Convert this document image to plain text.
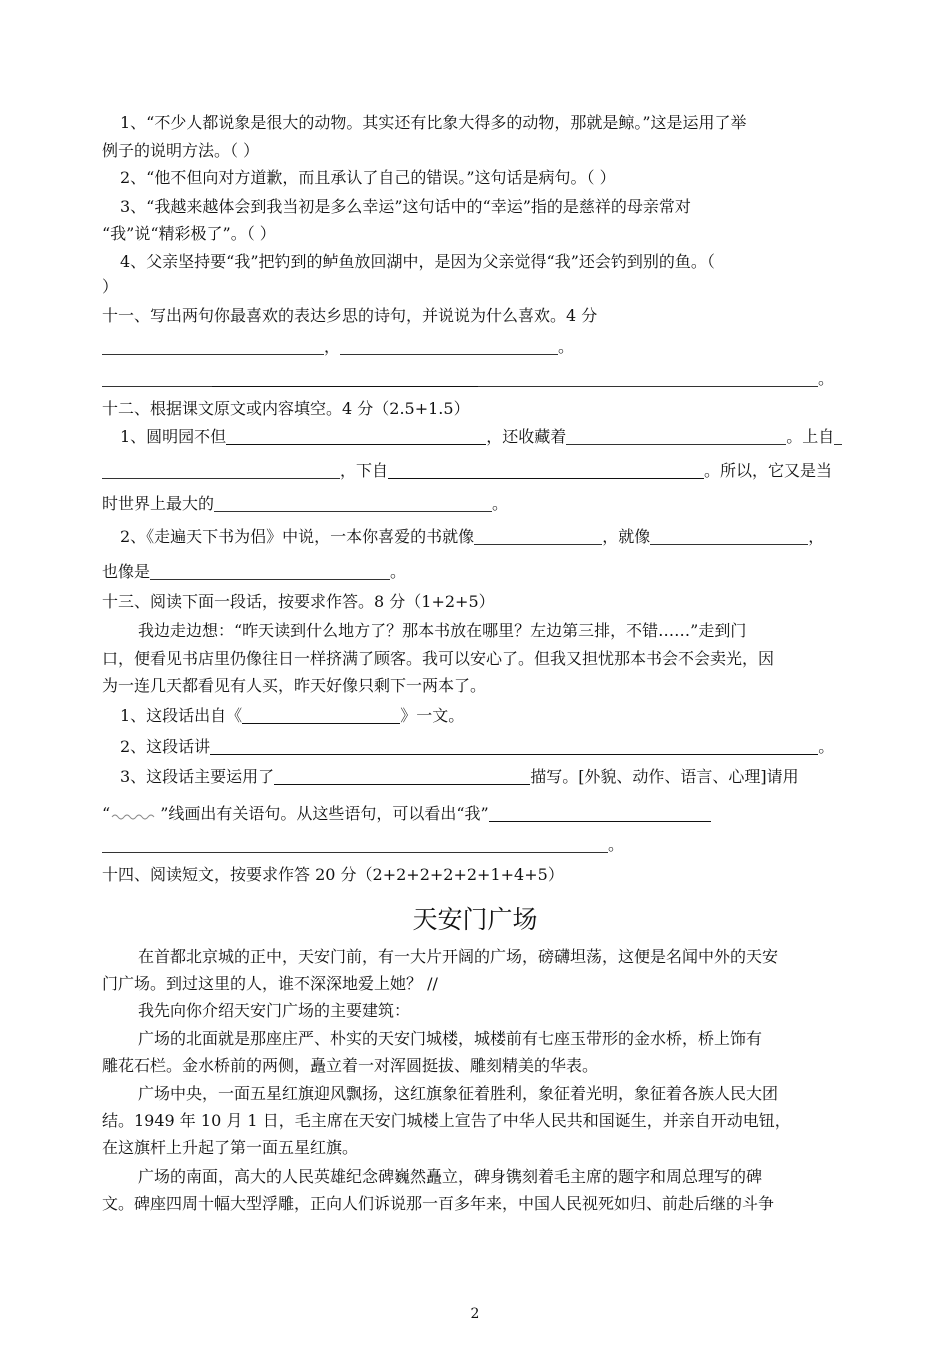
1、“不少人都说象是很大的动物。其实还有比象大得多的动物，那就是鲸。”这是运用了举
例子的说明方法。（ ）
2、“他不但向对方道歉，而且承认了自己的错误。”这句话是病句。（ ）
3、“我越来越体会到我当初是多么幸运”这句话中的“幸运”指的是慈祥的母亲常对
“我”说“精彩极了”。（ ）
4、父亲坚持要“我”把钓到的鲈鱼放回湖中，是因为父亲觉得“我”还会钓到别的鱼。（
）
十一、写出两句你最喜欢的表达乡思的诗句，并说说为什么喜欢。4 分
，	。
。
十二、根据课文原文或内容填空。4 分（2.5+1.5）
1、圆明园不但	，还收藏着	。上自
，下自	。所以，它又是当
时世界上最大的	。
2、《走遍天下书为侣》中说，一本你喜爱的书就像	，就像	，
也像是	。
十三、阅读下面一段话，按要求作答。8 分（1+2+5）
我边走边想：“昨天读到什么地方了？那本书放在哪里？左边第三排，不错……”走到门
口，便看见书店里仍像往日一样挤满了顾客。我可以安心了。但我又担忧那本书会不会卖光，因
为一连几天都看见有人买，昨天好像只剩下一两本了。
1、这段话出自《	》一文。
2、这段话讲	。
3、这段话主要运用了	描写。[外貌、动作、语言、心理]请用
“	”线画出有关语句。从这些语句，可以看出“我”
。
十四、阅读短文，按要求作答 20 分（2+2+2+2+2+1+4+5）
天安门广场
在首都北京城的正中，天安门前，有一大片开阔的广场，磅礴坦荡，这便是名闻中外的天安
门广场。到过这里的人，谁不深深地爱上她？ //
我先向你介绍天安门广场的主要建筑：
广场的北面就是那座庄严、朴实的天安门城楼，城楼前有七座玉带形的金水桥，桥上饰有
雕花石栏。金水桥前的两侧，矗立着一对浑圆挺拔、雕刻精美的华表。
广场中央，一面五星红旗迎风飘扬，这红旗象征着胜利，象征着光明，象征着各族人民大团
结。1949 年 10 月 1 日，毛主席在天安门城楼上宣告了中华人民共和国诞生，并亲自开动电钮，
在这旗杆上升起了第一面五星红旗。
广场的南面，高大的人民英雄纪念碑巍然矗立，碑身镌刻着毛主席的题字和周总理写的碑
文。碑座四周十幅大型浮雕，正向人们诉说那一百多年来，中国人民视死如归、前赴后继的斗争
2
